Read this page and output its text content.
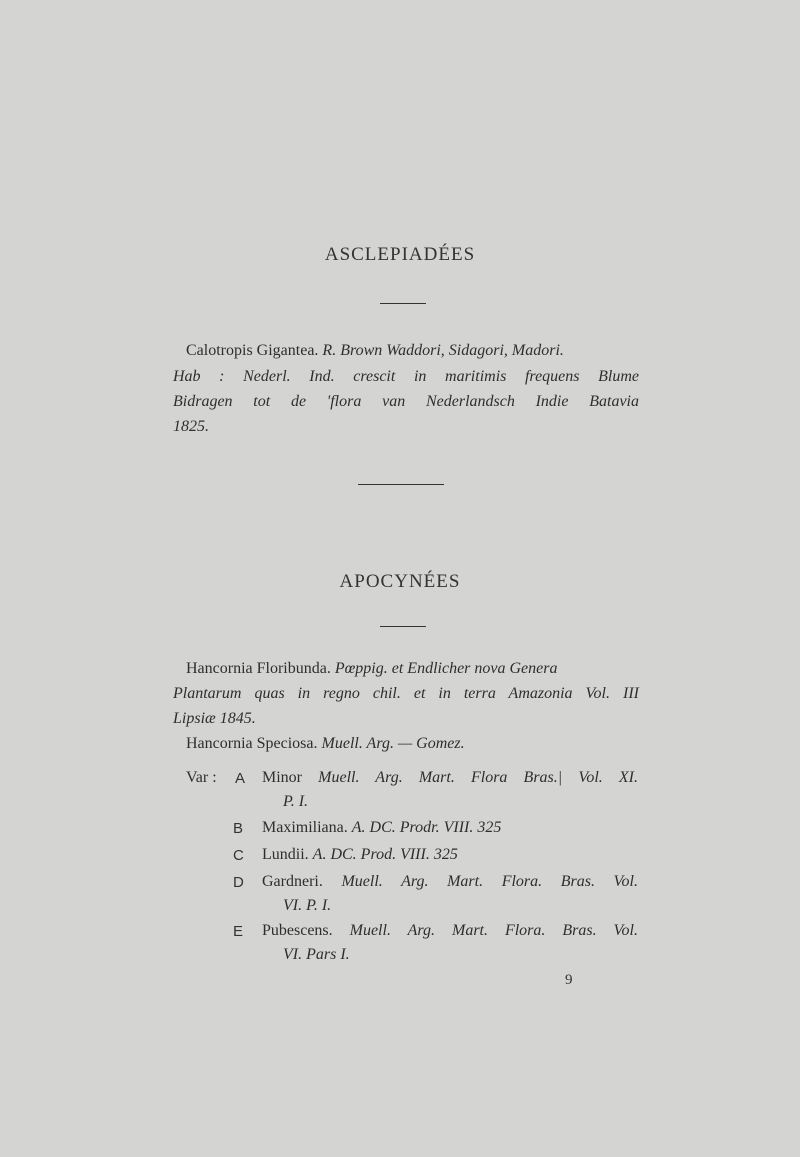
ASCLEPIADÉES
Calotropis Gigantea. R. Brown Waddori, Sidagori, Madori.
Hab : Nederl. Ind. crescit in maritimis frequens Blume
Bidragen tot de 'flora van Nederlandsch Indie Batavia
1825.
APOCYNÉES
Hancornia Floribunda. Pœppig. et Endlicher nova Genera
Plantarum quas in regno chil. et in terra Amazonia Vol. III
Lipsiæ 1845.
Hancornia Speciosa. Muell. Arg. — Gomez.
Var : A Minor Muell. Arg. Mart. Flora Bras.| Vol. XI.
P. I.
B Maximiliana. A. DC. Prodr. VIII. 325
C Lundii. A. DC. Prod. VIII. 325
D Gardneri. Muell. Arg. Mart. Flora. Bras. Vol.
VI. P. I.
E Pubescens. Muell. Arg. Mart. Flora. Bras. Vol.
VI. Pars I.
9
